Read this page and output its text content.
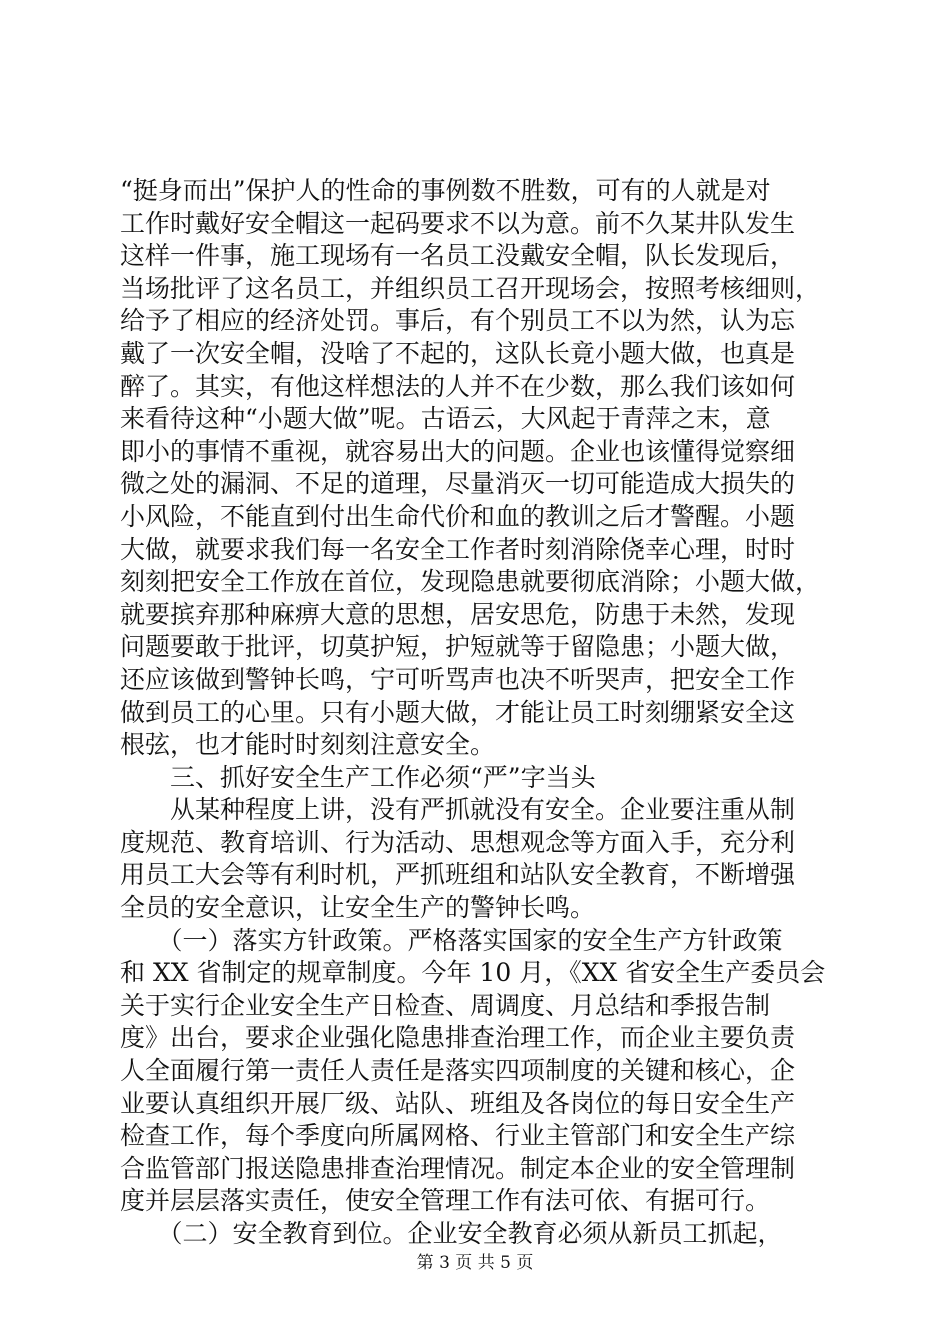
“挺身而出”保护人的性命的事例数不胜数，可有的人就是对
工作时戴好安全帽这一起码要求不以为意。前不久某井队发生
这样一件事，施工现场有一名员工没戴安全帽，队长发现后，
当场批评了这名员工，并组织员工召开现场会，按照考核细则，
给予了相应的经济处罚。事后，有个别员工不以为然，认为忘
戴了一次安全帽，没啥了不起的，这队长竟小题大做，也真是
醉了。其实，有他这样想法的人并不在少数，那么我们该如何
来看待这种“小题大做”呢。古语云，大风起于青萍之末，意
即小的事情不重视，就容易出大的问题。企业也该懂得觉察细
微之处的漏洞、不足的道理，尽量消灭一切可能造成大损失的
小风险，不能直到付出生命代价和血的教训之后才警醒。小题
大做，就要求我们每一名安全工作者时刻消除侥幸心理，时时
刻刻把安全工作放在首位，发现隐患就要彻底消除；小题大做，
就要摈弃那种麻痹大意的思想，居安思危，防患于未然，发现
问题要敢于批评，切莫护短，护短就等于留隐患；小题大做，
还应该做到警钟长鸣，宁可听骂声也决不听哭声，把安全工作
做到员工的心里。只有小题大做，才能让员工时刻绷紧安全这
根弦，也才能时时刻刻注意安全。
　　三、抓好安全生产工作必须“严”字当头
　　从某种程度上讲，没有严抓就没有安全。企业要注重从制
度规范、教育培训、行为活动、思想观念等方面入手，充分利
用员工大会等有利时机，严抓班组和站队安全教育，不断增强
全员的安全意识，让安全生产的警钟长鸣。
　　（一）落实方针政策。严格落实国家的安全生产方针政策
和 XX 省制定的规章制度。今年 10 月，《XX 省安全生产委员会
关于实行企业安全生产日检查、周调度、月总结和季报告制
度》出台，要求企业强化隐患排查治理工作，而企业主要负责
人全面履行第一责任人责任是落实四项制度的关键和核心，企
业要认真组织开展厂级、站队、班组及各岗位的每日安全生产
检查工作，每个季度向所属网格、行业主管部门和安全生产综
合监管部门报送隐患排查治理情况。制定本企业的安全管理制
度并层层落实责任，使安全管理工作有法可依、有据可行。
　　（二）安全教育到位。企业安全教育必须从新员工抓起，
第 3 页 共 5 页
